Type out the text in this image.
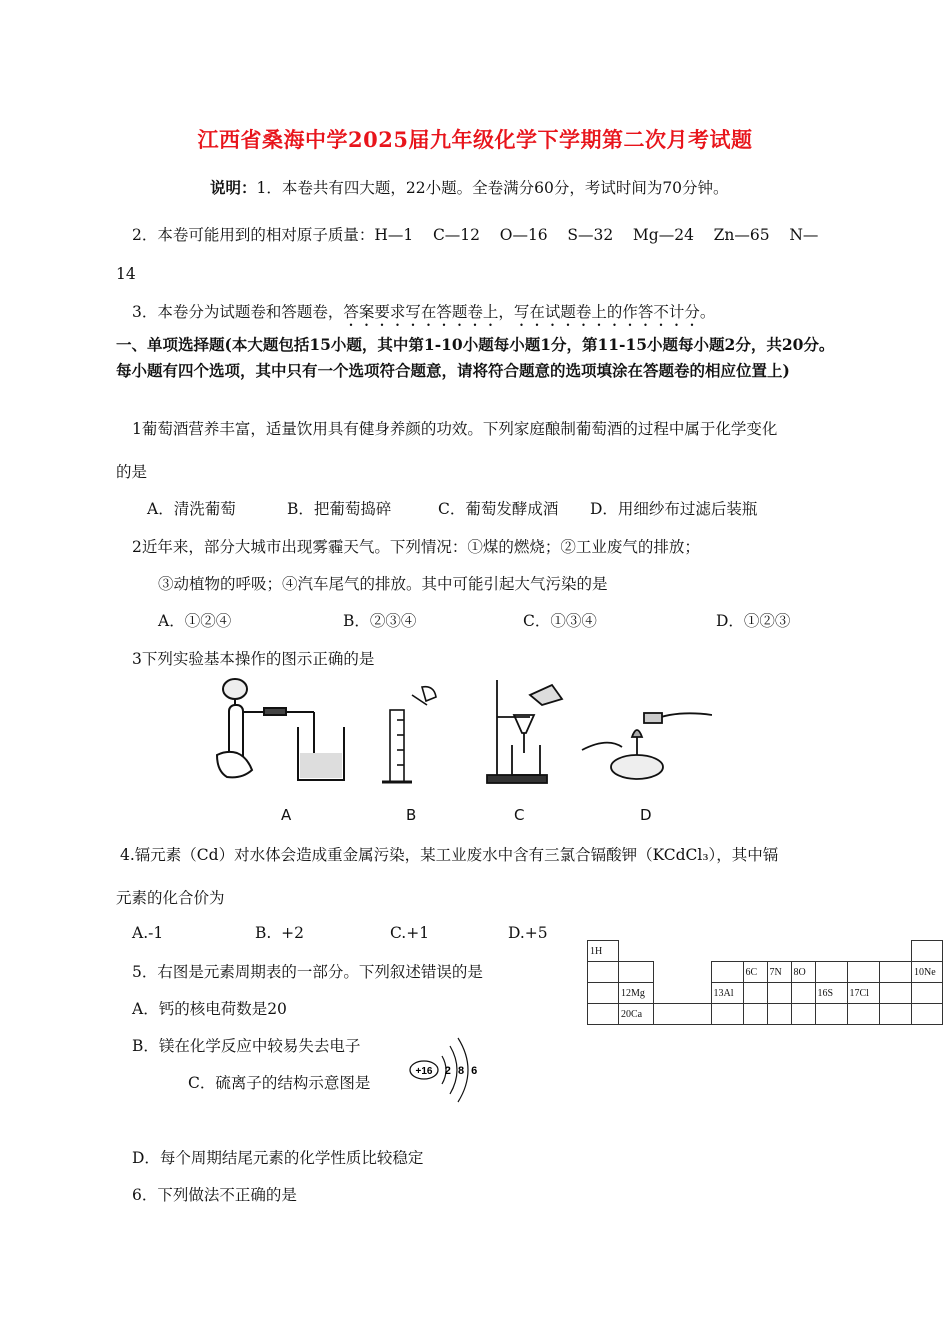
江西省桑海中学2025届九年级化学下学期第二次月考试题
说明：1．本卷共有四大题，22小题。全卷满分60分，考试时间为70分钟。
2．本卷可能用到的相对原子质量：H—1    C—12    O—16    S—32    Mg—24    Zn—65    N—
14
3．本卷分为试题卷和答题卷，答案要求写在答题卷上，写在试题卷上的作答不计分。
一、单项选择题(本大题包括15小题，其中第1-10小题每小题1分，第11-15小题每小题2分，共20分。每小题有四个选项，其中只有一个选项符合题意，请将符合题意的选项填涂在答题卷的相应位置上)
1葡萄酒营养丰富，适量饮用具有健身养颜的功效。下列家庭酿制葡萄酒的过程中属于化学变化
的是
A．清洗葡萄	B．把葡萄捣碎	C．葡萄发酵成酒 D．用细纱布过滤后装瓶
2近年来，部分大城市出现雾霾天气。下列情况：①煤的燃烧；②工业废气的排放；
③动植物的呼吸；④汽车尾气的排放。其中可能引起大气污染的是
A．①②④	B．②③④	C．①③④	D．①②③
3下列实验基本操作的图示正确的是
A	B	C	D
4.镉元素（Cd）对水体会造成重金属污染，某工业废水中含有三氯合镉酸钾（KCdCl₃），其中镉
元素的化合价为
A.-1	B.  +2	C.+1	D.+5
1H										
				6C	7N	8O				10Ne
	12Mg		13Al				16S	17Cl		
	20Ca									
5．右图是元素周期表的一部分。下列叙述错误的是
A．钙的核电荷数是20
B．镁在化学反应中较易失去电子
C．硫离子的结构示意图是
+16 2 8 6
D．每个周期结尾元素的化学性质比较稳定
6．下列做法不正确的是
